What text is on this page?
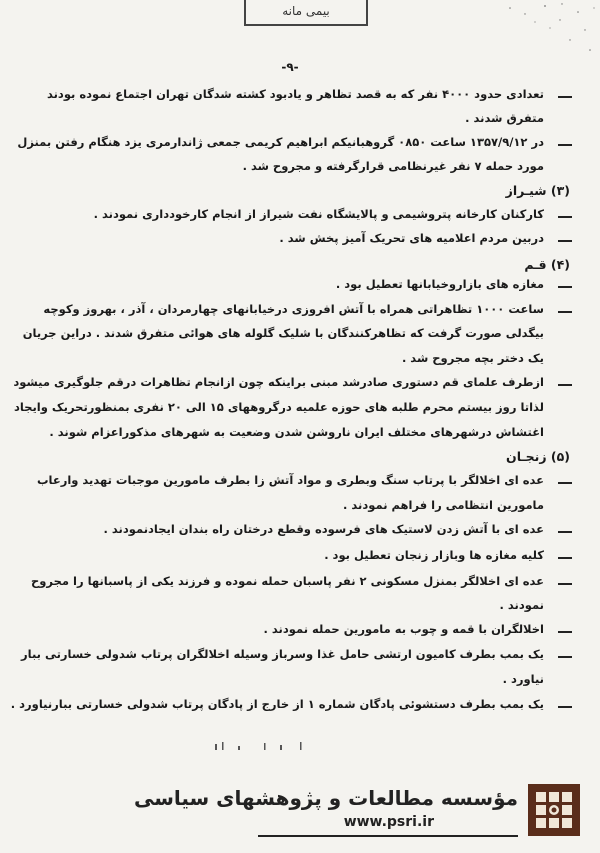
بیمی مانه
-۹-
تعدادی حدود ۴۰۰۰ نفر که به قصد تظاهر و یادبود کشته شدگان تهران اجتماع نموده بودند
متفرق شدند .
در ۱۳۵۷/۹/۱۲ ساعت ۰۸۵۰ گروهبانیکم ابراهیم کریمی جمعی ژاندارمری یزد هنگام رفتن بمنزل
مورد حمله ۷ نفر غیرنظامی قرارگرفته و مجروح شد .
(۳) شیـراز
کارکنان کارخانه پتروشیمی و پالایشگاه نفت شیراز از انجام کارخودداری نمودند .
دربین مردم اعلامیه های تحریک آمیز پخش شد .
(۴) قـم
مغازه های بازاروخیابانها تعطیل بود .
ساعت ۱۰۰۰ تظاهراتی همراه با آتش افروزی درخیابانهای چهارمردان ، آذر ، بهروز وکوچه
بیگدلی صورت گرفت که تظاهرکنندگان با شلیک گلوله های هوائی متفرق شدند . دراین جریان
یک دختر بچه مجروح شد .
ازطرف علمای قم دستوری صادرشد مبنی براینکه چون ازانجام تظاهرات درقم جلوگیری میشود
لذاتا روز بیستم محرم طلبه های حوزه علمیه درگروههای ۱۵ الی ۲۰ نفری بمنظورتحریک وایجاد
اغتشاش درشهرهای مختلف ایران ناروشن شدن وضعیت به شهرهای مذکوراعزام شوند .
(۵) زنجـان
عده ای اخلالگر با پرتاب سنگ وبطری و مواد آتش زا بطرف مامورین موجبات تهدید وارعاب
مامورین انتظامی را فراهم نمودند .
عده ای با آتش زدن لاستیک های فرسوده وقطع درختان راه بندان ایجادنمودند .
کلیه مغازه ها وبازار زنجان تعطیل بود .
عده ای اخلالگر بمنزل مسکونی ۲ نفر پاسبان حمله نموده و فرزند یکی از پاسبانها را مجروح
نمودند .
اخلالگران با قمه و چوب به مامورین حمله نمودند .
یک بمب بطرف کامیون ارتشی حامل غذا وسرباز وسیله اخلالگران پرتاب شدولی خسارتی ببار
نیاورد .
یک بمب بطرف دستشوئی پادگان شماره ۱ از خارج از پادگان پرتاب شدولی خسارتی ببارنیاورد .
مؤسسه مطالعات و پژوهشهای سیاسی
www.psri.ir
